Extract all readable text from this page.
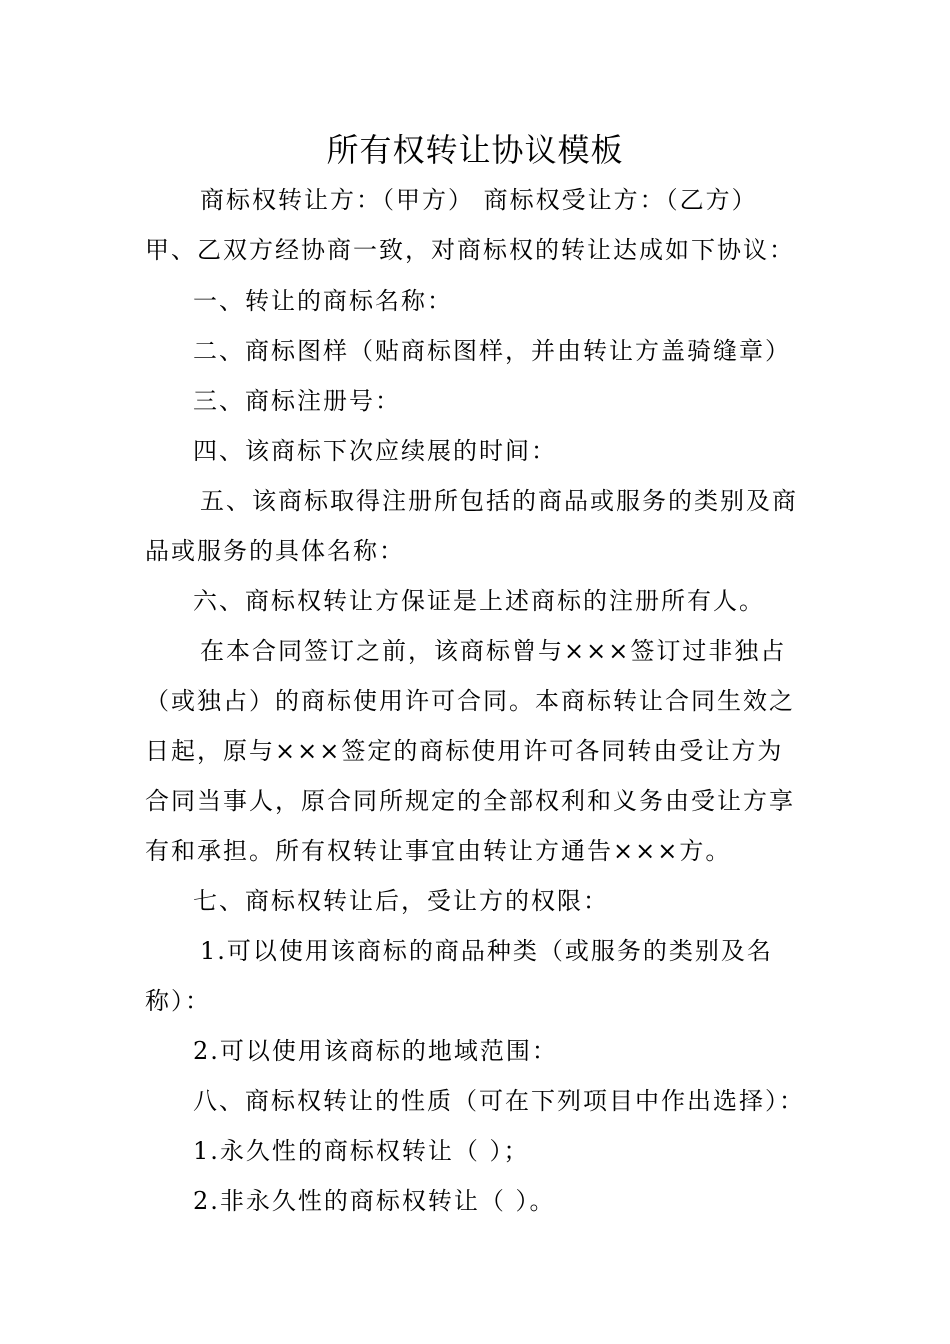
所有权转让协议模板
商标权转让方：（甲方） 商标权受让方：（乙方）
甲、乙双方经协商一致，对商标权的转让达成如下协议：
一、转让的商标名称：
二、商标图样（贴商标图样，并由转让方盖骑缝章）
三、商标注册号：
四、该商标下次应续展的时间：
五、该商标取得注册所包括的商品或服务的类别及商
品或服务的具体名称：
六、商标权转让方保证是上述商标的注册所有人。
在本合同签订之前，该商标曾与×××签订过非独占
（或独占）的商标使用许可合同。本商标转让合同生效之
日起，原与×××签定的商标使用许可各同转由受让方为
合同当事人，原合同所规定的全部权利和义务由受让方享
有和承担。所有权转让事宜由转让方通告×××方。
七、商标权转让后，受让方的权限：
1.可以使用该商标的商品种类（或服务的类别及名
称）：
2.可以使用该商标的地域范围：
八、商标权转让的性质（可在下列项目中作出选择）：
1.永久性的商标权转让（ ）；
2.非永久性的商标权转让（ ）。
